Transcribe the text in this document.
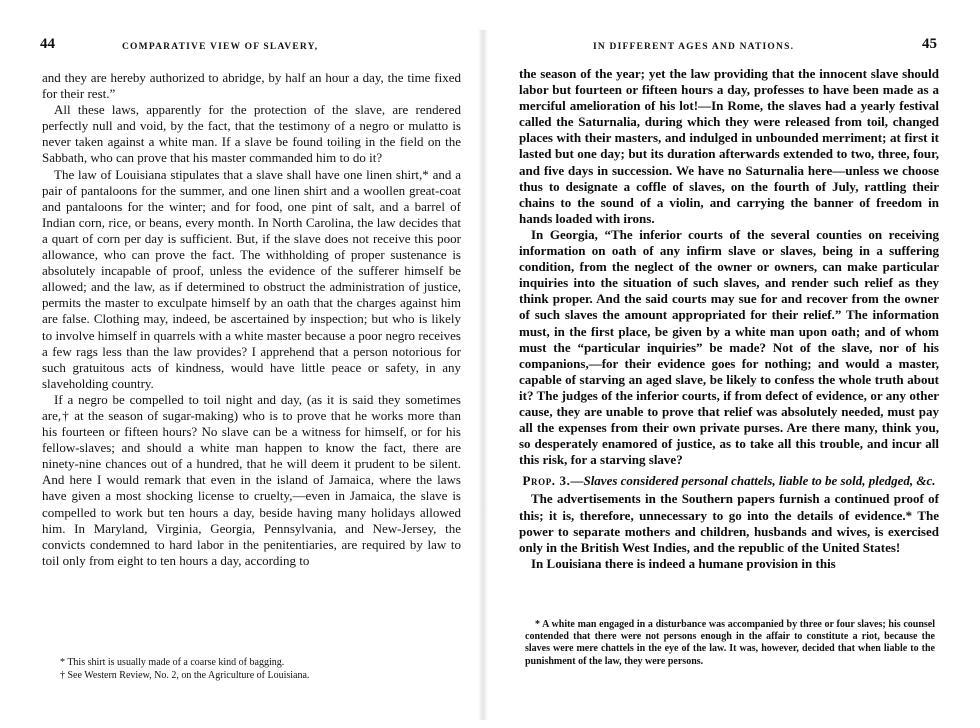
44	COMPARATIVE VIEW OF SLAVERY,

and they are hereby authorized to abridge, by half an hour a day, the time fixed for their rest.”

All these laws, apparently for the protection of the slave, are rendered perfectly null and void, by the fact, that the testimony of a negro or mulatto is never taken against a white man. If a slave be found toiling in the field on the Sabbath, who can prove that his master commanded him to do it?

The law of Louisiana stipulates that a slave shall have one linen shirt,* and a pair of pantaloons for the summer, and one linen shirt and a woollen great-coat and pantaloons for the winter; and for food, one pint of salt, and a barrel of Indian corn, rice, or beans, every month. In North Carolina, the law decides that a quart of corn per day is sufficient. But, if the slave does not receive this poor allowance, who can prove the fact. The withholding of proper sustenance is absolutely incapable of proof, unless the evidence of the sufferer himself be allowed; and the law, as if determined to obstruct the administration of justice, permits the master to exculpate himself by an oath that the charges against him are false. Clothing may, indeed, be ascertained by inspection; but who is likely to involve himself in quarrels with a white master because a poor negro receives a few rags less than the law provides? I apprehend that a person notorious for such gratuitous acts of kindness, would have little peace or safety, in any slaveholding country.

If a negro be compelled to toil night and day, (as it is said they sometimes are,† at the season of sugar-making) who is to prove that he works more than his fourteen or fifteen hours? No slave can be a witness for himself, or for his fellow-slaves; and should a white man happen to know the fact, there are ninety-nine chances out of a hundred, that he will deem it prudent to be silent. And here I would remark that even in the island of Jamaica, where the laws have given a most shocking license to cruelty,—even in Jamaica, the slave is compelled to work but ten hours a day, beside having many holidays allowed him. In Maryland, Virginia, Georgia, Pennsylvania, and New-Jersey, the convicts condemned to hard labor in the penitentiaries, are required by law to toil only from eight to ten hours a day, according to

* This shirt is usually made of a coarse kind of bagging.

† See Western Review, No. 2, on the Agriculture of Louisiana.

IN DIFFERENT AGES AND NATIONS.	45

the season of the year; yet the law providing that the innocent slave should labor but fourteen or fifteen hours a day, professes to have been made as a merciful amelioration of his lot!—In Rome, the slaves had a yearly festival called the Saturnalia, during which they were released from toil, changed places with their masters, and indulged in unbounded merriment; at first it lasted but one day; but its duration afterwards extended to two, three, four, and five days in succession. We have no Saturnalia here—unless we choose thus to designate a coffle of slaves, on the fourth of July, rattling their chains to the sound of a violin, and carrying the banner of freedom in hands loaded with irons.

In Georgia, “The inferior courts of the several counties on receiving information on oath of any infirm slave or slaves, being in a suffering condition, from the neglect of the owner or owners, can make particular inquiries into the situation of such slaves, and render such relief as they think proper. And the said courts may sue for and recover from the owner of such slaves the amount appropriated for their relief.” The information must, in the first place, be given by a white man upon oath; and of whom must the “particular inquiries” be made? Not of the slave, nor of his companions,—for their evidence goes for nothing; and would a master, capable of starving an aged slave, be likely to confess the whole truth about it? The judges of the inferior courts, if from defect of evidence, or any other cause, they are unable to prove that relief was absolutely needed, must pay all the expenses from their own private purses. Are there many, think you, so desperately enamored of justice, as to take all this trouble, and incur all this risk, for a starving slave?

Prop. 3.—Slaves considered personal chattels, liable to be sold, pledged, &c.

The advertisements in the Southern papers furnish a continued proof of this; it is, therefore, unnecessary to go into the details of evidence.* The power to separate mothers and children, husbands and wives, is exercised only in the British West Indies, and the republic of the United States!

In Louisiana there is indeed a humane provision in this

* A white man engaged in a disturbance was accompanied by three or four slaves; his counsel contended that there were not persons enough in the affair to constitute a riot, because the slaves were mere chattels in the eye of the law. It was, however, decided that when liable to the punishment of the law, they were persons.
